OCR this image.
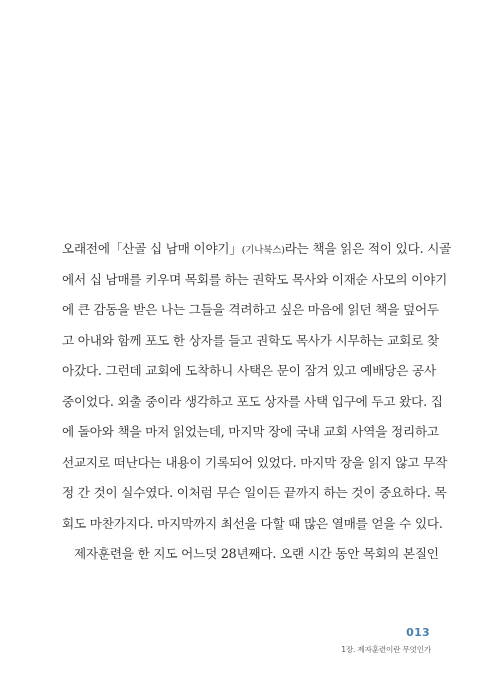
오래전에「산골 십 남매 이야기」(기나북스)라는 책을 읽은 적이 있다. 시골
에서 십 남매를 키우며 목회를 하는 권학도 목사와 이재순 사모의 이야기
에 큰 감동을 받은 나는 그들을 격려하고 싶은 마음에 읽던 책을 덮어두
고 아내와 함께 포도 한 상자를 들고 권학도 목사가 시무하는 교회로 찾
아갔다. 그런데 교회에 도착하니 사택은 문이 잠겨 있고 예배당은 공사
중이었다. 외출 중이라 생각하고 포도 상자를 사택 입구에 두고 왔다. 집
에 돌아와 책을 마저 읽었는데, 마지막 장에 국내 교회 사역을 정리하고
선교지로 떠난다는 내용이 기록되어 있었다. 마지막 장을 읽지 않고 무작
정 간 것이 실수였다. 이처럼 무슨 일이든 끝까지 하는 것이 중요하다. 목
회도 마찬가지다. 마지막까지 최선을 다할 때 많은 열매를 얻을 수 있다.
제자훈련을 한 지도 어느덧 28년째다. 오랜 시간 동안 목회의 본질인
013
1장. 제자훈련이란 무엇인가
